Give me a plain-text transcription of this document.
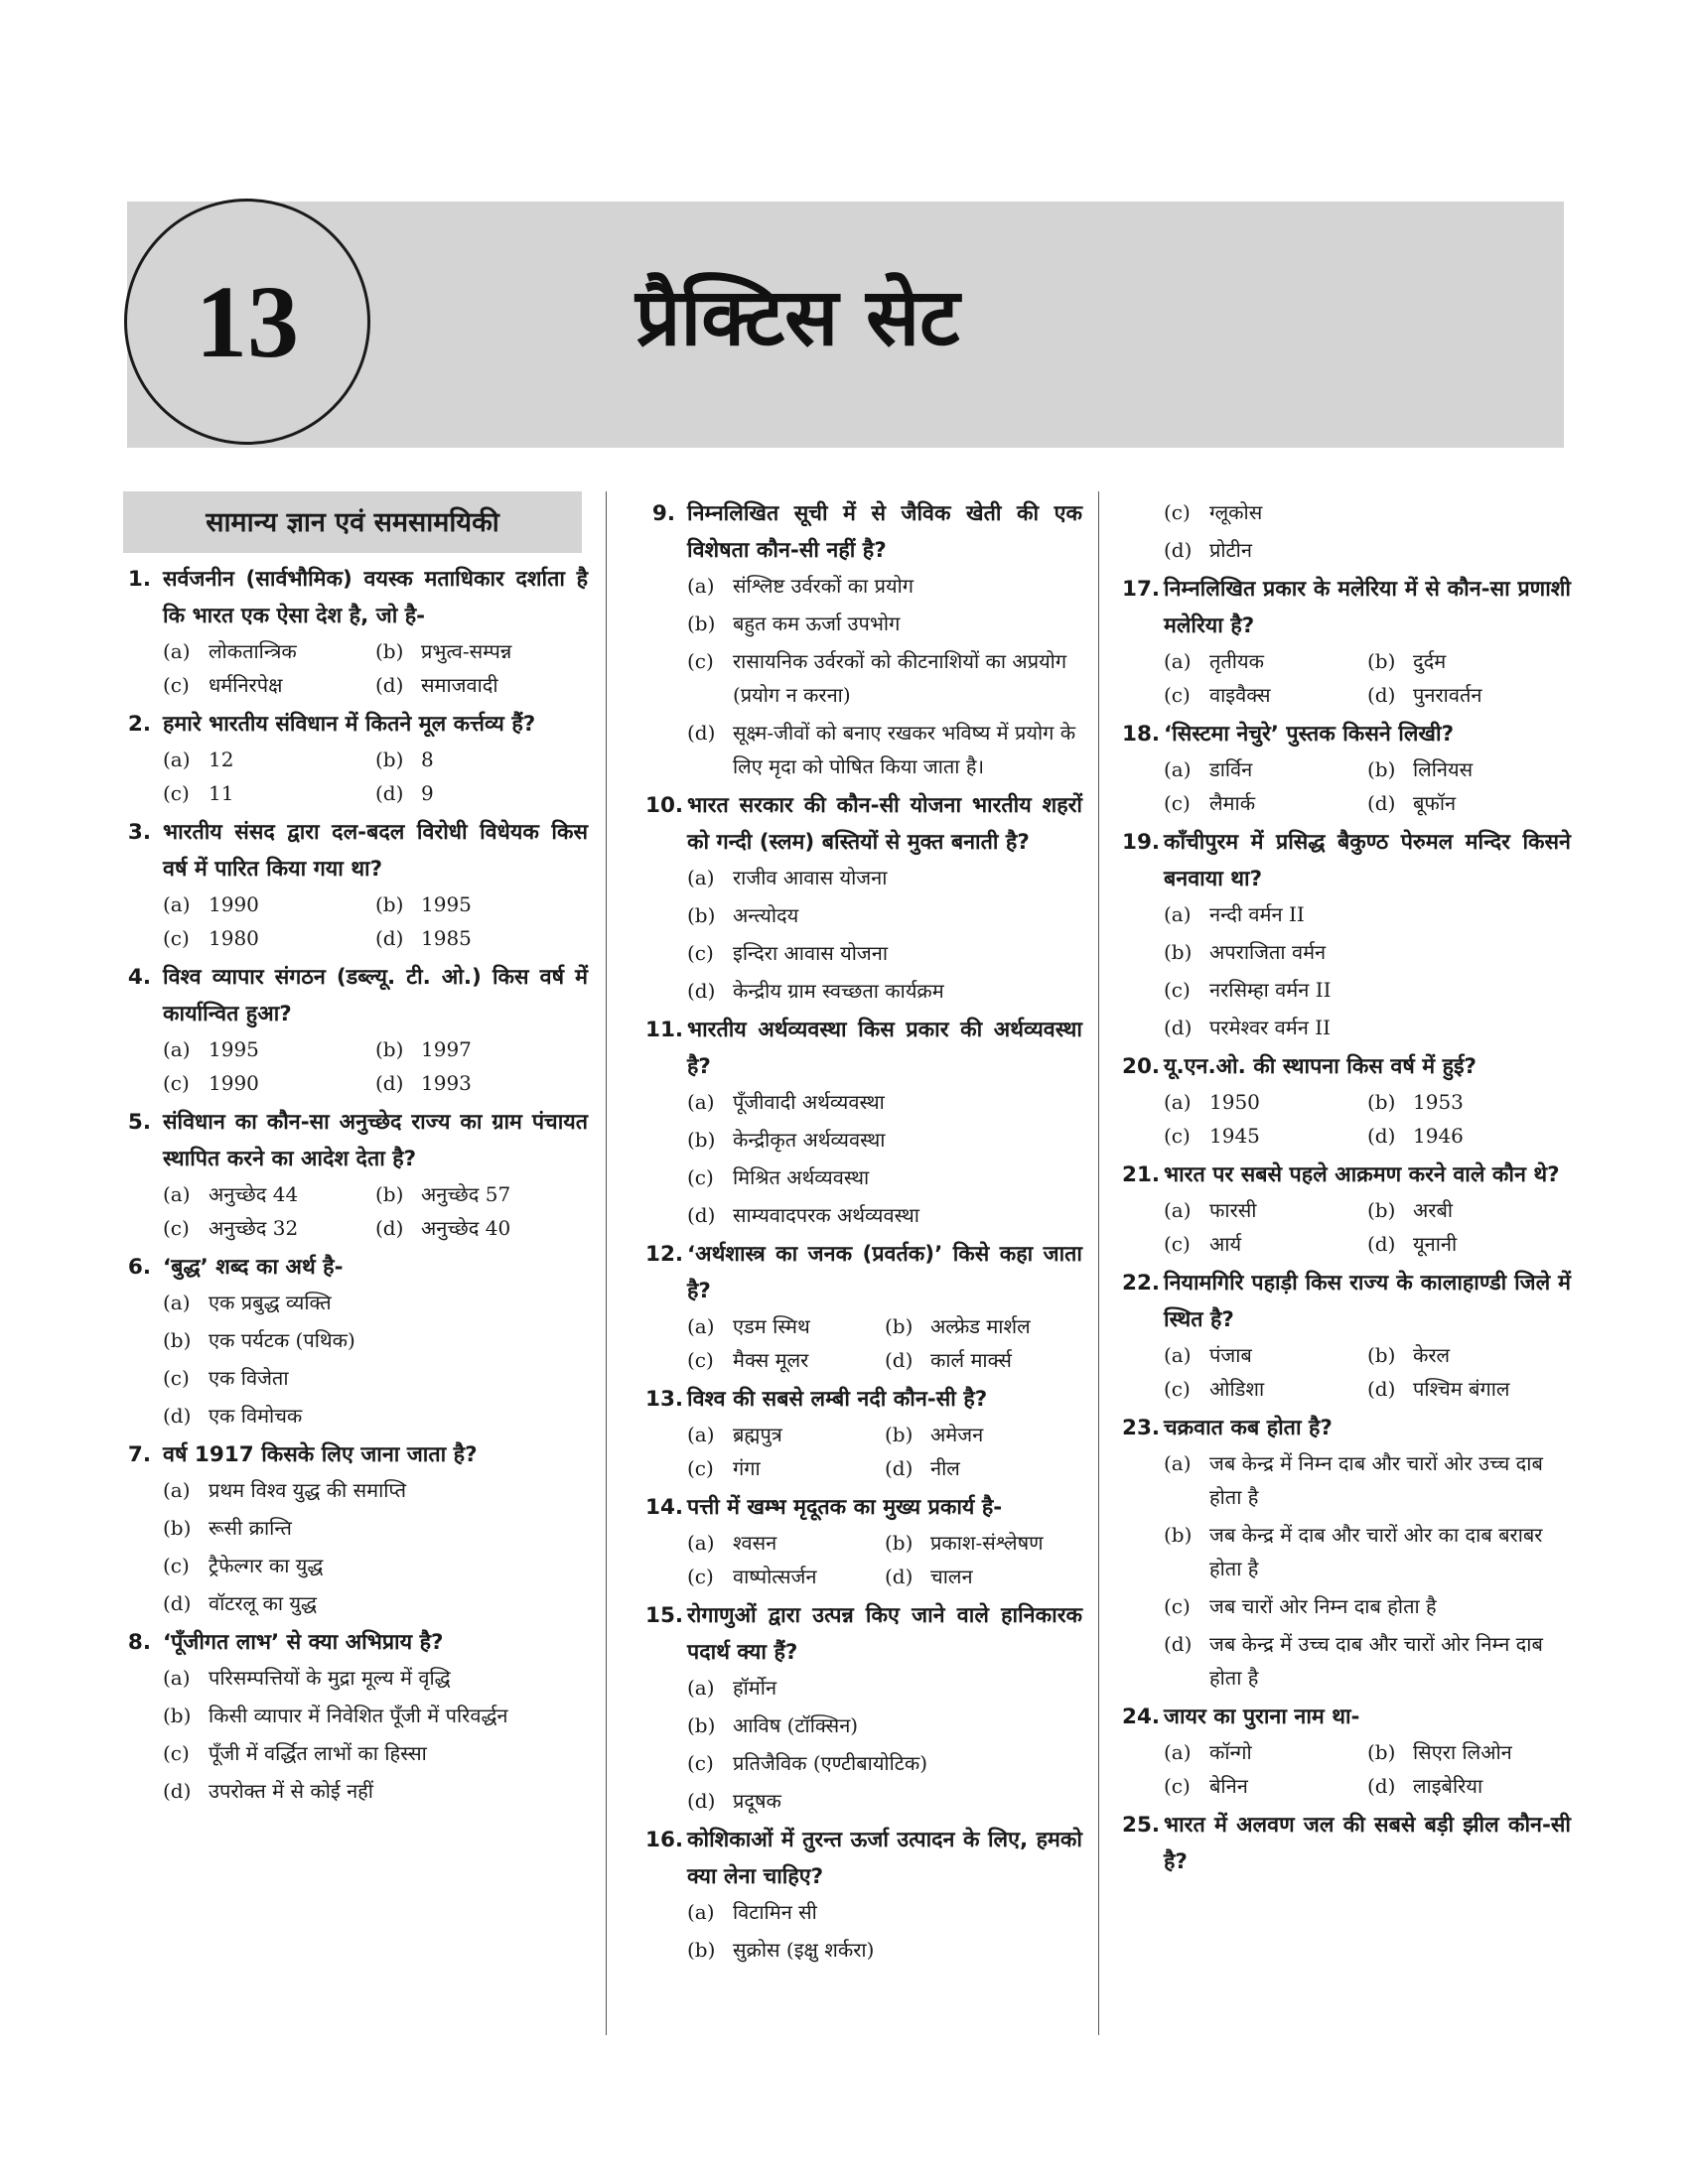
13	प्रैक्टिस सेट
सामान्य ज्ञान एवं समसामयिकी
1. सर्वजनीन (सार्वभौमिक) वयस्क मताधिकार दर्शाता है कि भारत एक ऐसा देश है, जो है-
(a) लोकतान्त्रिक	(b) प्रभुत्व-सम्पन्न
(c) धर्मनिरपेक्ष	(d) समाजवादी
2. हमारे भारतीय संविधान में कितने मूल कर्त्तव्य हैं?
(a) 12	(b) 8
(c) 11	(d) 9
3. भारतीय संसद द्वारा दल-बदल विरोधी विधेयक किस वर्ष में पारित किया गया था?
(a) 1990	(b) 1995
(c) 1980	(d) 1985
4. विश्व व्यापार संगठन (डब्ल्यू. टी. ओ.) किस वर्ष में कार्यान्वित हुआ?
(a) 1995	(b) 1997
(c) 1990	(d) 1993
5. संविधान का कौन-सा अनुच्छेद राज्य का ग्राम पंचायत स्थापित करने का आदेश देता है?
(a) अनुच्छेद 44	(b) अनुच्छेद 57
(c) अनुच्छेद 32	(d) अनुच्छेद 40
6. ‘बुद्ध’ शब्द का अर्थ है-
(a) एक प्रबुद्ध व्यक्ति
(b) एक पर्यटक (पथिक)
(c) एक विजेता
(d) एक विमोचक
7. वर्ष 1917 किसके लिए जाना जाता है?
(a) प्रथम विश्व युद्ध की समाप्ति
(b) रूसी क्रान्ति
(c) ट्रैफेल्गर का युद्ध
(d) वॉटरलू का युद्ध
8. ‘पूँजीगत लाभ’ से क्या अभिप्राय है?
(a) परिसम्पत्तियों के मुद्रा मूल्य में वृद्धि
(b) किसी व्यापार में निवेशित पूँजी में परिवर्द्धन
(c) पूँजी में वर्द्धित लाभों का हिस्सा
(d) उपरोक्त में से कोई नहीं
9. निम्नलिखित सूची में से जैविक खेती की एक विशेषता कौन-सी नहीं है?
(a) संश्लिष्ट उर्वरकों का प्रयोग
(b) बहुत कम ऊर्जा उपभोग
(c) रासायनिक उर्वरकों को कीटनाशियों का अप्रयोग (प्रयोग न करना)
(d) सूक्ष्म-जीवों को बनाए रखकर भविष्य में प्रयोग के लिए मृदा को पोषित किया जाता है।
10. भारत सरकार की कौन-सी योजना भारतीय शहरों को गन्दी (स्लम) बस्तियों से मुक्त बनाती है?
(a) राजीव आवास योजना
(b) अन्त्योदय
(c) इन्दिरा आवास योजना
(d) केन्द्रीय ग्राम स्वच्छता कार्यक्रम
11. भारतीय अर्थव्यवस्था किस प्रकार की अर्थव्यवस्था है?
(a) पूँजीवादी अर्थव्यवस्था
(b) केन्द्रीकृत अर्थव्यवस्था
(c) मिश्रित अर्थव्यवस्था
(d) साम्यवादपरक अर्थव्यवस्था
12. ‘अर्थशास्त्र का जनक (प्रवर्तक)’ किसे कहा जाता है?
(a) एडम स्मिथ	(b) अल्फ्रेड मार्शल
(c) मैक्स मूलर	(d) कार्ल मार्क्स
13. विश्व की सबसे लम्बी नदी कौन-सी है?
(a) ब्रह्मपुत्र	(b) अमेजन
(c) गंगा	(d) नील
14. पत्ती में खम्भ मृदूतक का मुख्य प्रकार्य है-
(a) श्वसन	(b) प्रकाश-संश्लेषण
(c) वाष्पोत्सर्जन	(d) चालन
15. रोगाणुओं द्वारा उत्पन्न किए जाने वाले हानिकारक पदार्थ क्या हैं?
(a) हॉर्मोन
(b) आविष (टॉक्सिन)
(c) प्रतिजैविक (एण्टीबायोटिक)
(d) प्रदूषक
16. कोशिकाओं में तुरन्त ऊर्जा उत्पादन के लिए, हमको क्या लेना चाहिए?
(a) विटामिन सी
(b) सुक्रोस (इक्षु शर्करा)
(c) ग्लूकोस
(d) प्रोटीन
17. निम्नलिखित प्रकार के मलेरिया में से कौन-सा प्रणाशी मलेरिया है?
(a) तृतीयक	(b) दुर्दम
(c) वाइवैक्स	(d) पुनरावर्तन
18. ‘सिस्टमा नेचुरे’ पुस्तक किसने लिखी?
(a) डार्विन	(b) लिनियस
(c) लैमार्क	(d) बूफॉन
19. काँचीपुरम में प्रसिद्ध बैकुण्ठ पेरुमल मन्दिर किसने बनवाया था?
(a) नन्दी वर्मन II
(b) अपराजिता वर्मन
(c) नरसिम्हा वर्मन II
(d) परमेश्वर वर्मन II
20. यू.एन.ओ. की स्थापना किस वर्ष में हुई?
(a) 1950	(b) 1953
(c) 1945	(d) 1946
21. भारत पर सबसे पहले आक्रमण करने वाले कौन थे?
(a) फारसी	(b) अरबी
(c) आर्य	(d) यूनानी
22. नियामगिरि पहाड़ी किस राज्य के कालाहाण्डी जिले में स्थित है?
(a) पंजाब	(b) केरल
(c) ओडिशा	(d) पश्चिम बंगाल
23. चक्रवात कब होता है?
(a) जब केन्द्र में निम्न दाब और चारों ओर उच्च दाब होता है
(b) जब केन्द्र में दाब और चारों ओर का दाब बराबर होता है
(c) जब चारों ओर निम्न दाब होता है
(d) जब केन्द्र में उच्च दाब और चारों ओर निम्न दाब होता है
24. जायर का पुराना नाम था-
(a) कॉन्गो	(b) सिएरा लिओन
(c) बेनिन	(d) लाइबेरिया
25. भारत में अलवण जल की सबसे बड़ी झील कौन-सी है?
